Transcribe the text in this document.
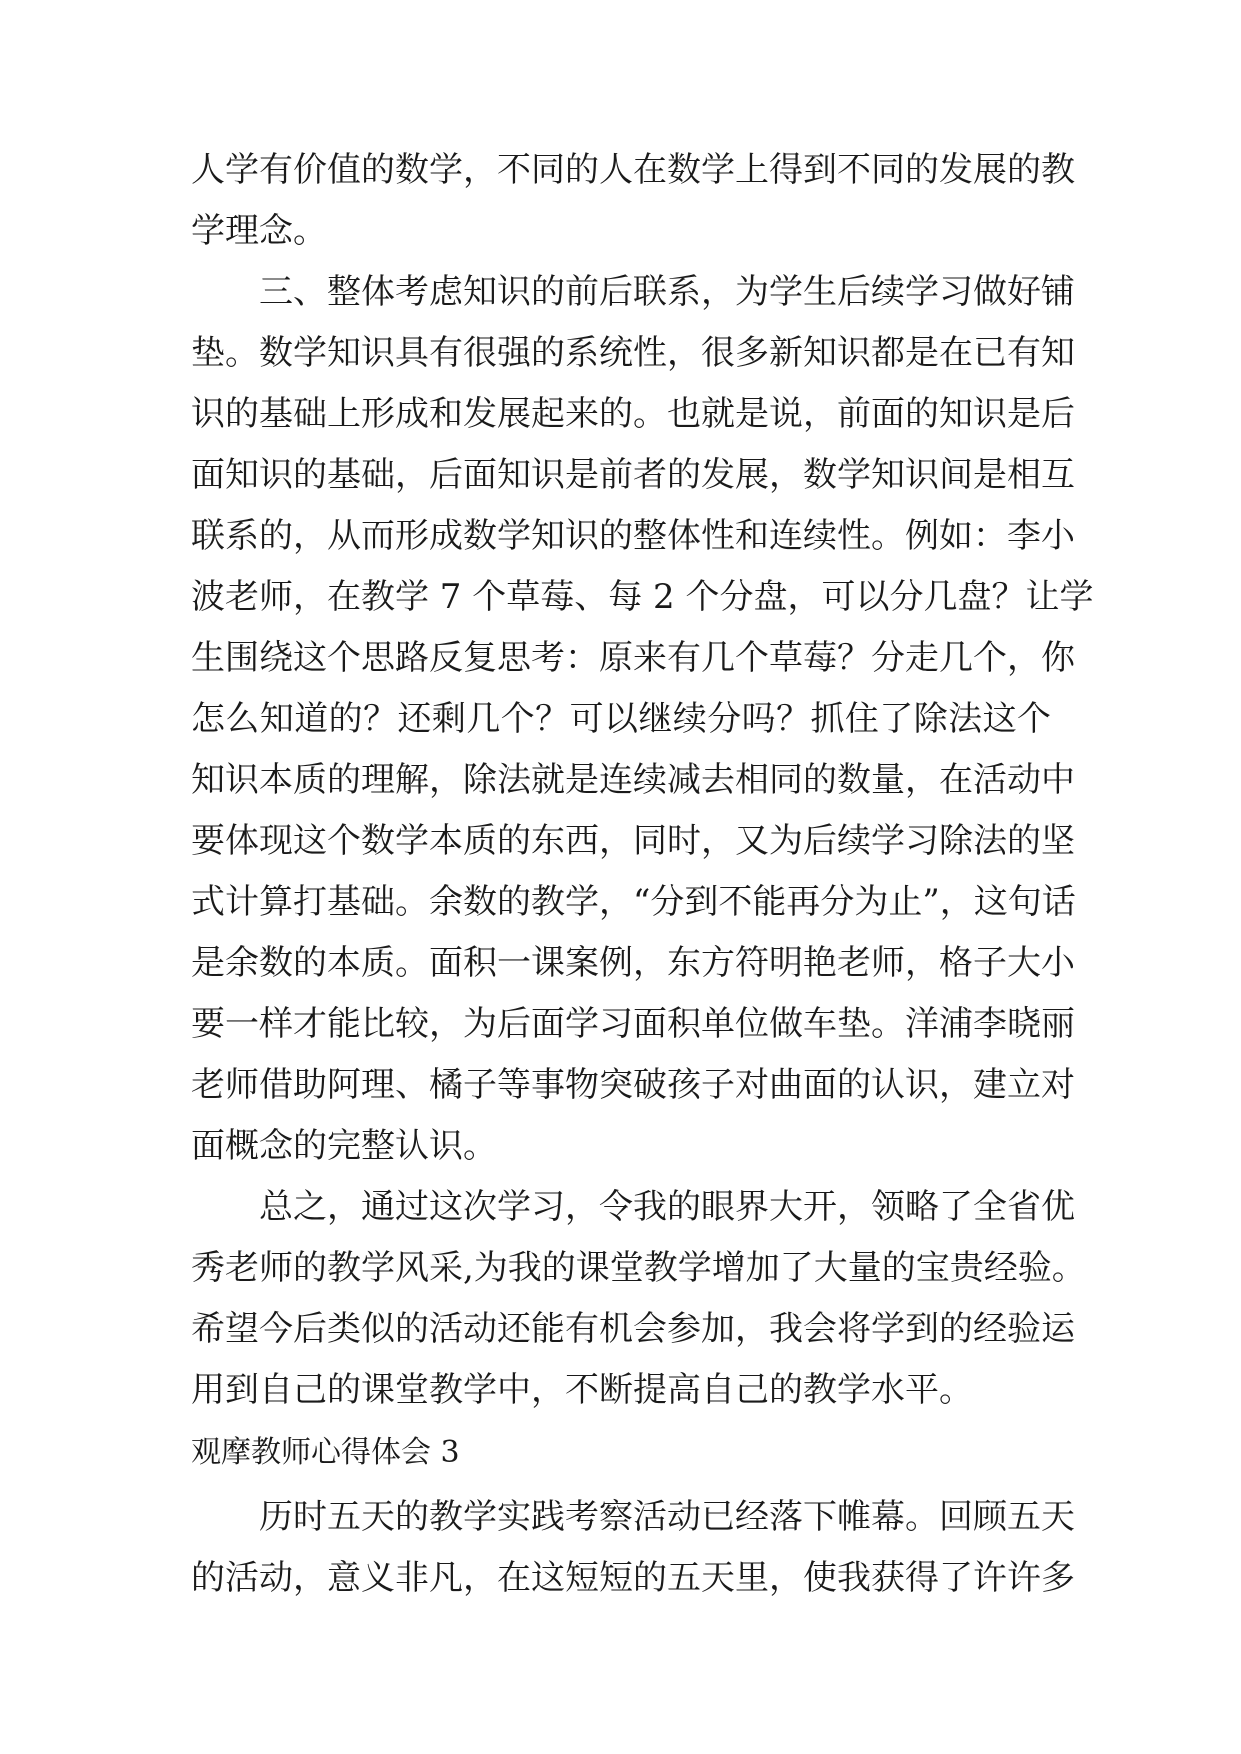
人学有价值的数学，不同的人在数学上得到不同的发展的教
学理念。
三、整体考虑知识的前后联系，为学生后续学习做好铺
垫。数学知识具有很强的系统性，很多新知识都是在已有知
识的基础上形成和发展起来的。也就是说，前面的知识是后
面知识的基础，后面知识是前者的发展，数学知识间是相互
联系的，从而形成数学知识的整体性和连续性。例如：李小
波老师，在教学 7 个草莓、每 2 个分盘，可以分几盘？让学
生围绕这个思路反复思考：原来有几个草莓？分走几个，你
怎么知道的？还剩几个？可以继续分吗？抓住了除法这个
知识本质的理解，除法就是连续减去相同的数量，在活动中
要体现这个数学本质的东西，同时，又为后续学习除法的坚
式计算打基础。余数的教学，“分到不能再分为止”，这句话
是余数的本质。面积一课案例，东方符明艳老师，格子大小
要一样才能比较，为后面学习面积单位做车垫。洋浦李晓丽
老师借助阿理、橘子等事物突破孩子对曲面的认识，建立对
面概念的完整认识。
总之，通过这次学习，令我的眼界大开，领略了全省优
秀老师的教学风采,为我的课堂教学增加了大量的宝贵经验。
希望今后类似的活动还能有机会参加，我会将学到的经验运
用到自己的课堂教学中，不断提高自己的教学水平。
观摩教师心得体会 3
历时五天的教学实践考察活动已经落下帷幕。回顾五天
的活动，意义非凡，在这短短的五天里，使我获得了许许多
